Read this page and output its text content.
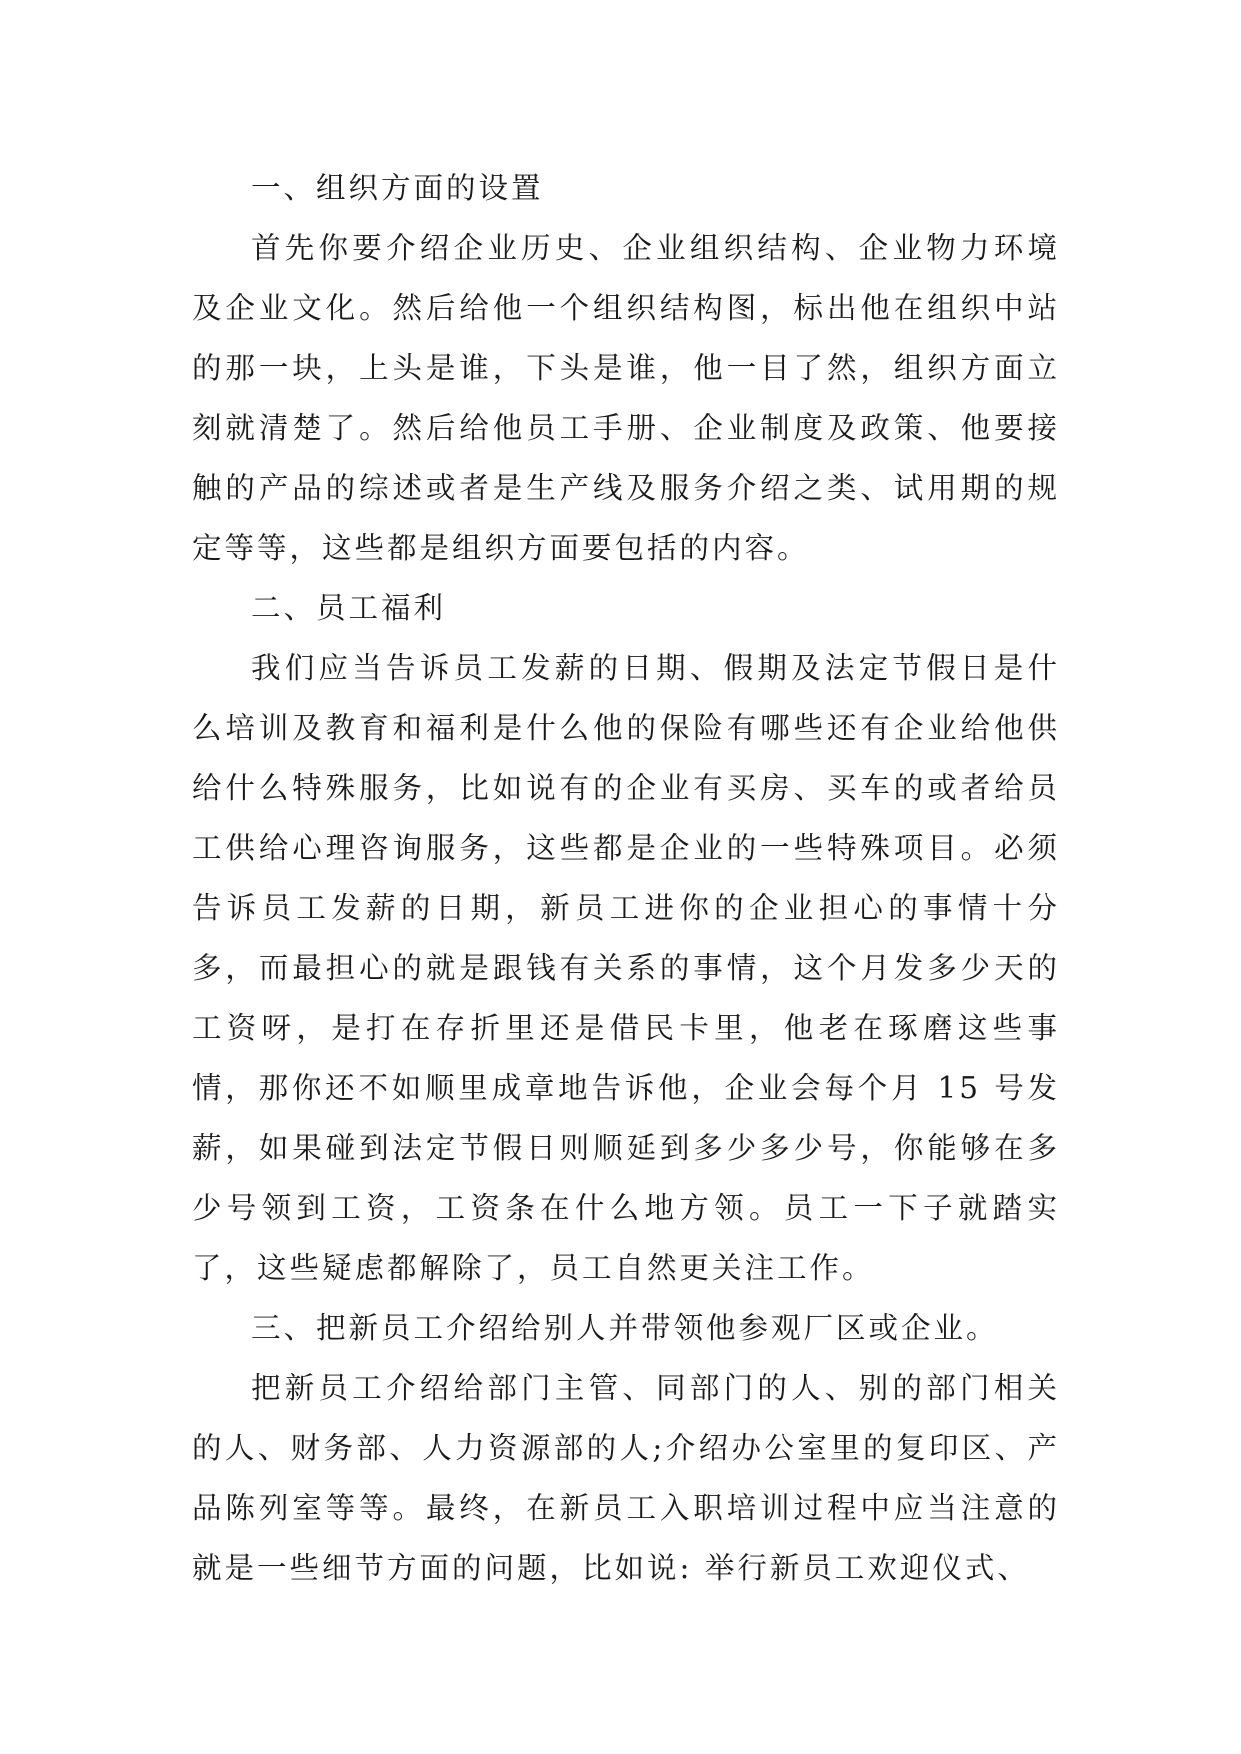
一、组织方面的设置

首先你要介绍企业历史、企业组织结构、企业物力环境及企业文化。然后给他一个组织结构图，标出他在组织中站的那一块，上头是谁，下头是谁，他一目了然，组织方面立刻就清楚了。然后给他员工手册、企业制度及政策、他要接触的产品的综述或者是生产线及服务介绍之类、试用期的规定等等，这些都是组织方面要包括的内容。

二、员工福利

我们应当告诉员工发薪的日期、假期及法定节假日是什么培训及教育和福利是什么他的保险有哪些还有企业给他供给什么特殊服务，比如说有的企业有买房、买车的或者给员工供给心理咨询服务，这些都是企业的一些特殊项目。必须告诉员工发薪的日期，新员工进你的企业担心的事情十分多，而最担心的就是跟钱有关系的事情，这个月发多少天的工资呀，是打在存折里还是借民卡里，他老在琢磨这些事情，那你还不如顺里成章地告诉他，企业会每个月 15 号发薪，如果碰到法定节假日则顺延到多少多少号，你能够在多少号领到工资，工资条在什么地方领。员工一下子就踏实了，这些疑虑都解除了，员工自然更关注工作。

三、把新员工介绍给别人并带领他参观厂区或企业。

把新员工介绍给部门主管、同部门的人、别的部门相关的人、财务部、人力资源部的人;介绍办公室里的复印区、产品陈列室等等。最终，在新员工入职培训过程中应当注意的就是一些细节方面的问题，比如说: 举行新员工欢迎仪式、
